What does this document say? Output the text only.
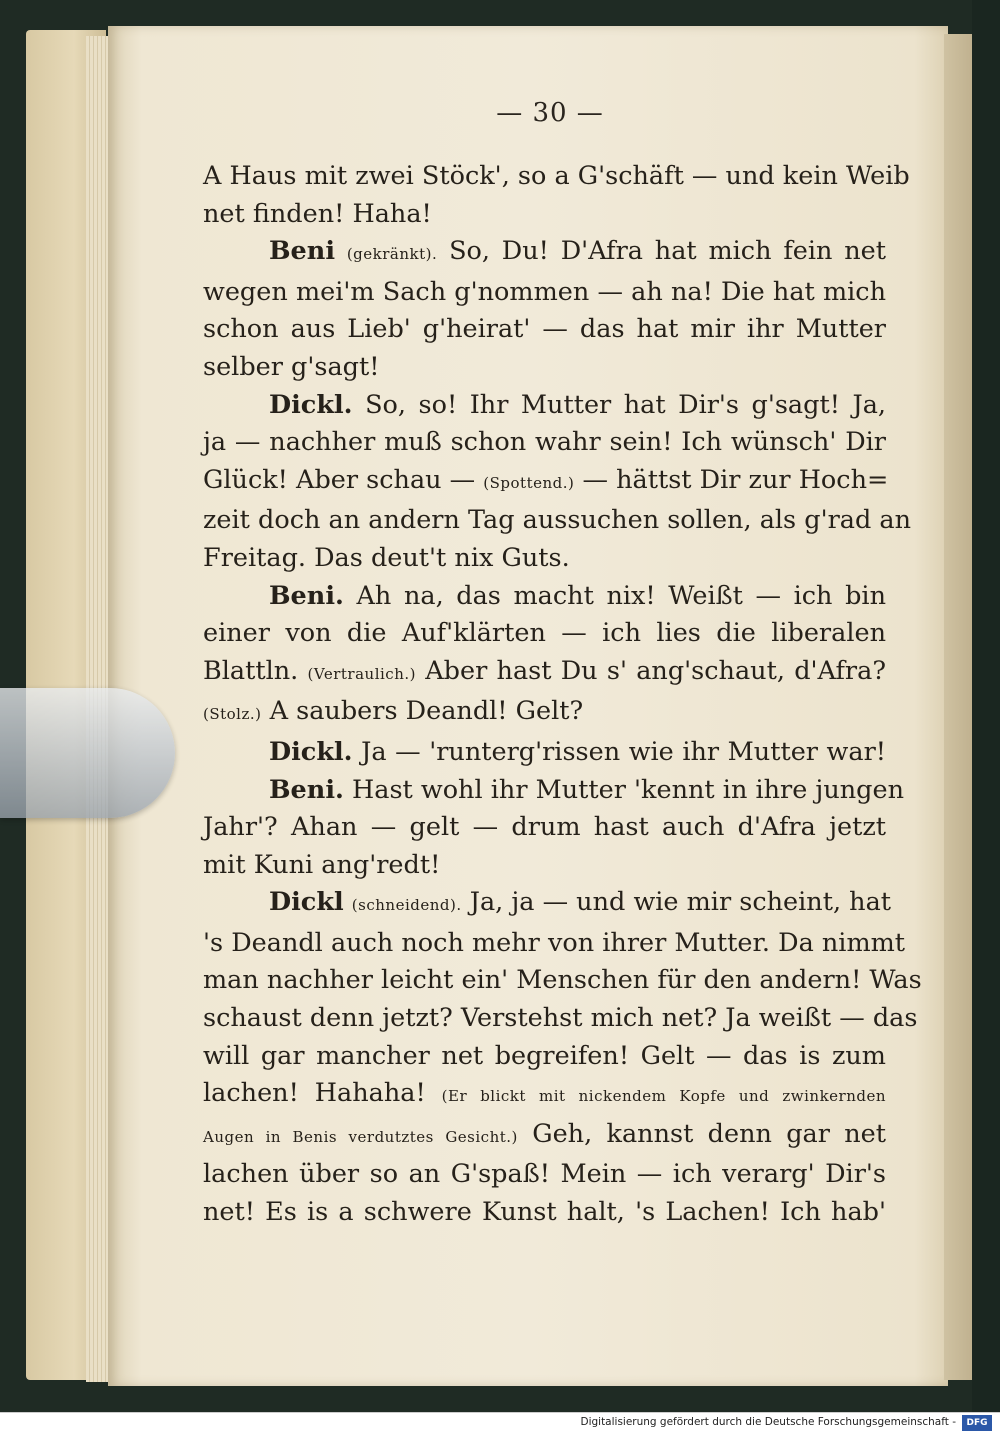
— 30 —
A Haus mit zwei Stöck', so a G'schäft — und kein Weib
net finden! Haha!
Beni (gekränkt). So, Du! D'Afra hat mich fein net
wegen mei'm Sach g'nommen — ah na! Die hat mich
schon aus Lieb' g'heirat' — das hat mir ihr Mutter
selber g'sagt!
Dickl. So, so! Ihr Mutter hat Dir's g'sagt! Ja,
ja — nachher muß schon wahr sein! Ich wünsch' Dir
Glück! Aber schau — (Spottend.) — hättst Dir zur Hoch=
zeit doch an andern Tag aussuchen sollen, als g'rad an
Freitag. Das deut't nix Guts.
Beni. Ah na, das macht nix! Weißt — ich bin
einer von die Auf'klärten — ich lies die liberalen
Blattln. (Vertraulich.) Aber hast Du s' ang'schaut, d'Afra?
(Stolz.) A saubers Deandl! Gelt?
Dickl. Ja — 'runterg'rissen wie ihr Mutter war!
Beni. Hast wohl ihr Mutter 'kennt in ihre jungen
Jahr'? Ahan — gelt — drum hast auch d'Afra jetzt
mit Kuni ang'redt!
Dickl (schneidend). Ja, ja — und wie mir scheint, hat
's Deandl auch noch mehr von ihrer Mutter. Da nimmt
man nachher leicht ein' Menschen für den andern! Was
schaust denn jetzt? Verstehst mich net? Ja weißt — das
will gar mancher net begreifen! Gelt — das is zum
lachen! Hahaha! (Er blickt mit nickendem Kopfe und zwinkernden
Augen in Benis verdutztes Gesicht.) Geh, kannst denn gar net
lachen über so an G'spaß! Mein — ich verarg' Dir's
net! Es is a schwere Kunst halt, 's Lachen! Ich hab'
Digitalisierung gefördert durch die Deutsche Forschungsgemeinschaft -	DFG
